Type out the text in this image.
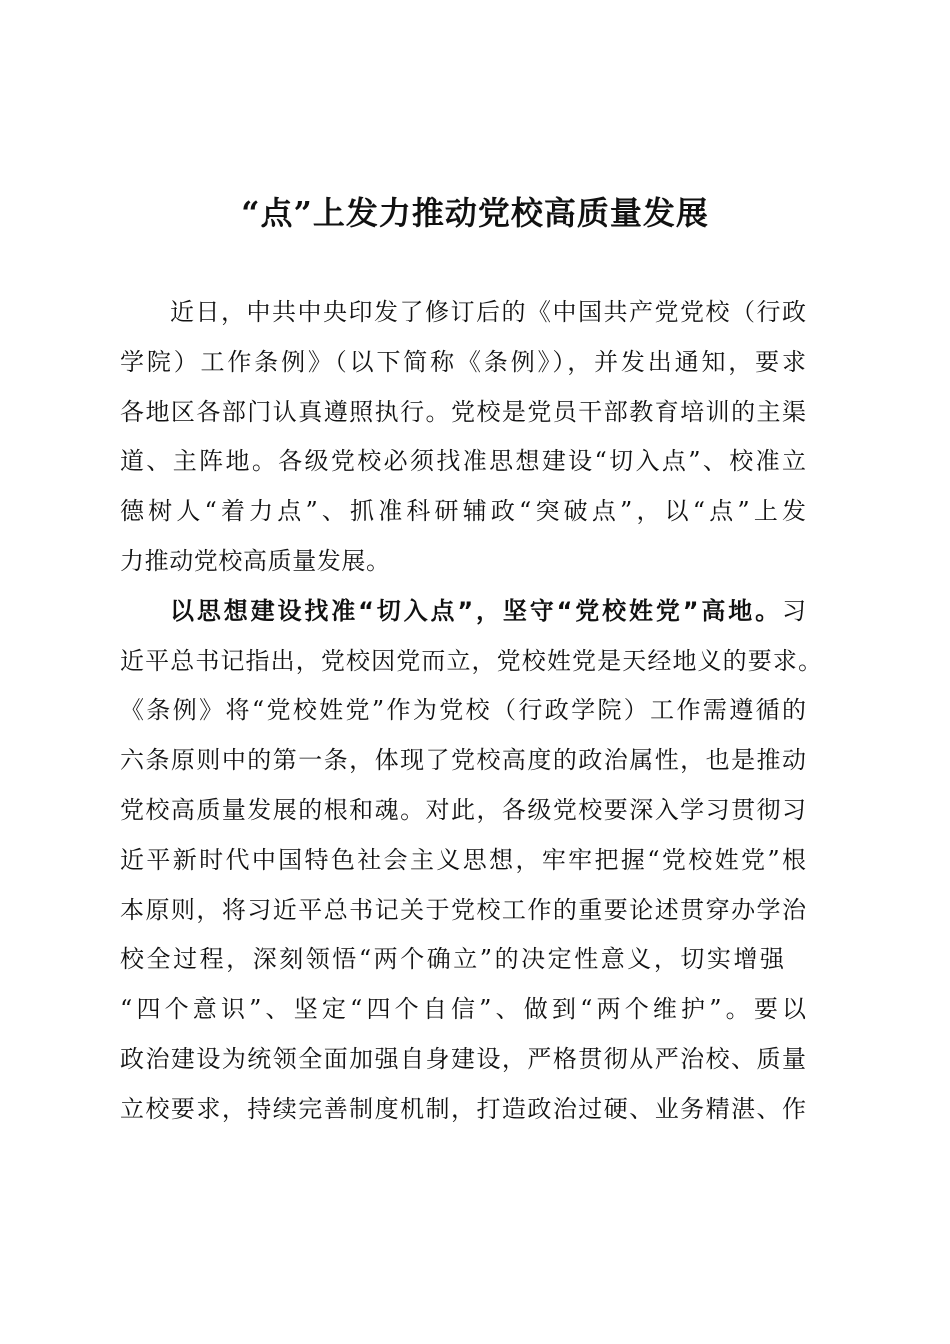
“点”上发力推动党校高质量发展
近日，中共中央印发了修订后的《中国共产党党校（行政
学院）工作条例》（以下简称《条例》），并发出通知，要求
各地区各部门认真遵照执行。党校是党员干部教育培训的主渠
道、主阵地。各级党校必须找准思想建设“切入点”、校准立
德树人“着力点”、抓准科研辅政“突破点”，以“点”上发
力推动党校高质量发展。
以思想建设找准“切入点”，坚守“党校姓党”高地。习
近平总书记指出，党校因党而立，党校姓党是天经地义的要求。
《条例》将“党校姓党”作为党校（行政学院）工作需遵循的
六条原则中的第一条，体现了党校高度的政治属性，也是推动
党校高质量发展的根和魂。对此，各级党校要深入学习贯彻习
近平新时代中国特色社会主义思想，牢牢把握“党校姓党”根
本原则，将习近平总书记关于党校工作的重要论述贯穿办学治
校全过程，深刻领悟“两个确立”的决定性意义，切实增强
“四个意识”、坚定“四个自信”、做到“两个维护”。要以
政治建设为统领全面加强自身建设，严格贯彻从严治校、质量
立校要求，持续完善制度机制，打造政治过硬、业务精湛、作
